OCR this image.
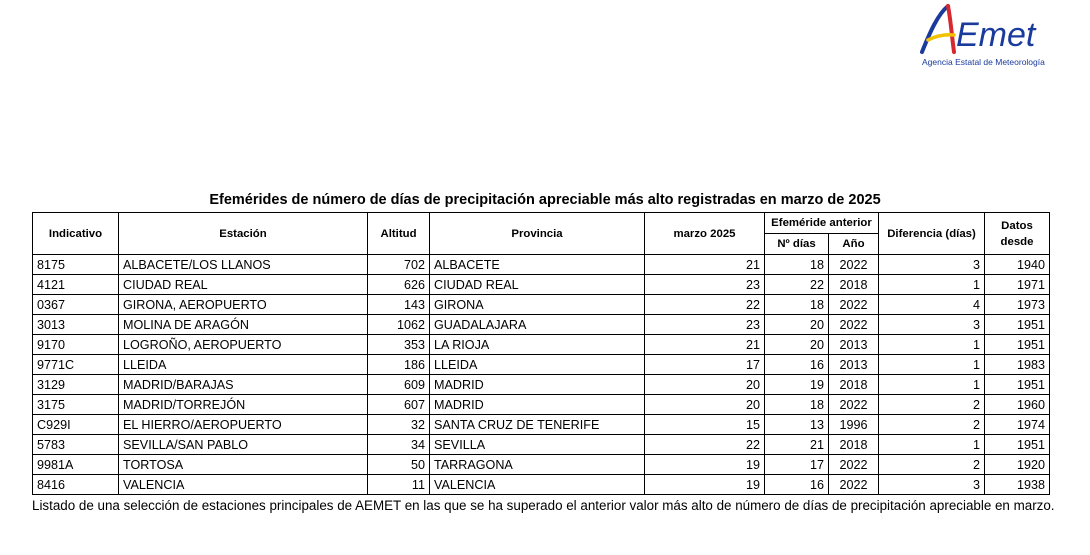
Emet
Agencia Estatal de Meteorología
Efemérides de número de días de precipitación apreciable más alto registradas en marzo de 2025
Indicativo	Estación	Altitud	Provincia	marzo 2025	Efeméride anterior		Diferencia (días)	Datos desde
					Nº días	Año		
8175	ALBACETE/LOS LLANOS	702	ALBACETE	21	18	2022	3	1940
4121	CIUDAD REAL	626	CIUDAD REAL	23	22	2018	1	1971
0367	GIRONA, AEROPUERTO	143	GIRONA	22	18	2022	4	1973
3013	MOLINA DE ARAGÓN	1062	GUADALAJARA	23	20	2022	3	1951
9170	LOGROÑO, AEROPUERTO	353	LA RIOJA	21	20	2013	1	1951
9771C	LLEIDA	186	LLEIDA	17	16	2013	1	1983
3129	MADRID/BARAJAS	609	MADRID	20	19	2018	1	1951
3175	MADRID/TORREJÓN	607	MADRID	20	18	2022	2	1960
C929I	EL HIERRO/AEROPUERTO	32	SANTA CRUZ DE TENERIFE	15	13	1996	2	1974
5783	SEVILLA/SAN PABLO	34	SEVILLA	22	21	2018	1	1951
9981A	TORTOSA	50	TARRAGONA	19	17	2022	2	1920
8416	VALENCIA	11	VALENCIA	19	16	2022	3	1938
Listado de una selección de estaciones principales de AEMET en las que se ha superado el anterior valor más alto de número de días de precipitación apreciable en marzo.
